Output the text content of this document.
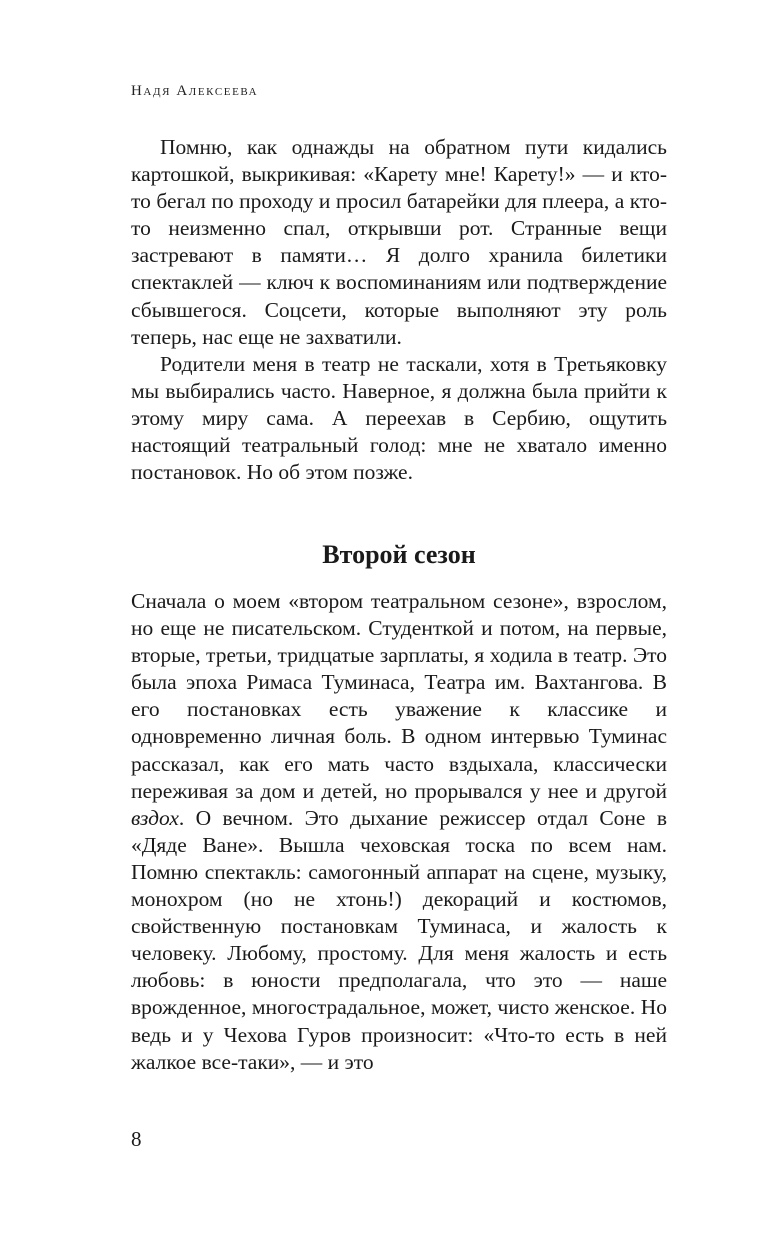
Надя Алексеева

Помню, как однажды на обратном пути кидались картошкой, выкрикивая: «Карету мне! Карету!» — и кто-то бегал по проходу и просил батарейки для плеера, а кто-то неизменно спал, открывши рот. Странные вещи застревают в памяти… Я долго хранила билетики спектаклей — ключ к воспоминаниям или подтверждение сбывшегося. Соцсети, которые выполняют эту роль теперь, нас еще не захватили.

Родители меня в театр не таскали, хотя в Третьяковку мы выбирались часто. Наверное, я должна была прийти к этому миру сама. А переехав в Сербию, ощутить настоящий театральный голод: мне не хватало именно постановок. Но об этом позже.

Второй сезон

Сначала о моем «втором театральном сезоне», взрослом, но еще не писательском. Студенткой и потом, на первые, вторые, третьи, тридцатые зарплаты, я ходила в театр. Это была эпоха Римаса Туминаса, Театра им. Вахтангова. В его постановках есть уважение к классике и одновременно личная боль. В одном интервью Туминас рассказал, как его мать часто вздыхала, классически переживая за дом и детей, но прорывался у нее и другой вздох. О вечном. Это дыхание режиссер отдал Соне в «Дяде Ване». Вышла чеховская тоска по всем нам. Помню спектакль: самогонный аппарат на сцене, музыку, монохром (но не хтонь!) декораций и костюмов, свойственную постановкам Туминаса, и жалость к человеку. Любому, простому. Для меня жалость и есть любовь: в юности предполагала, что это — наше врожденное, многострадальное, может, чисто женское. Но ведь и у Чехова Гуров произносит: «Что-то есть в ней жалкое все-таки», — и это

8
